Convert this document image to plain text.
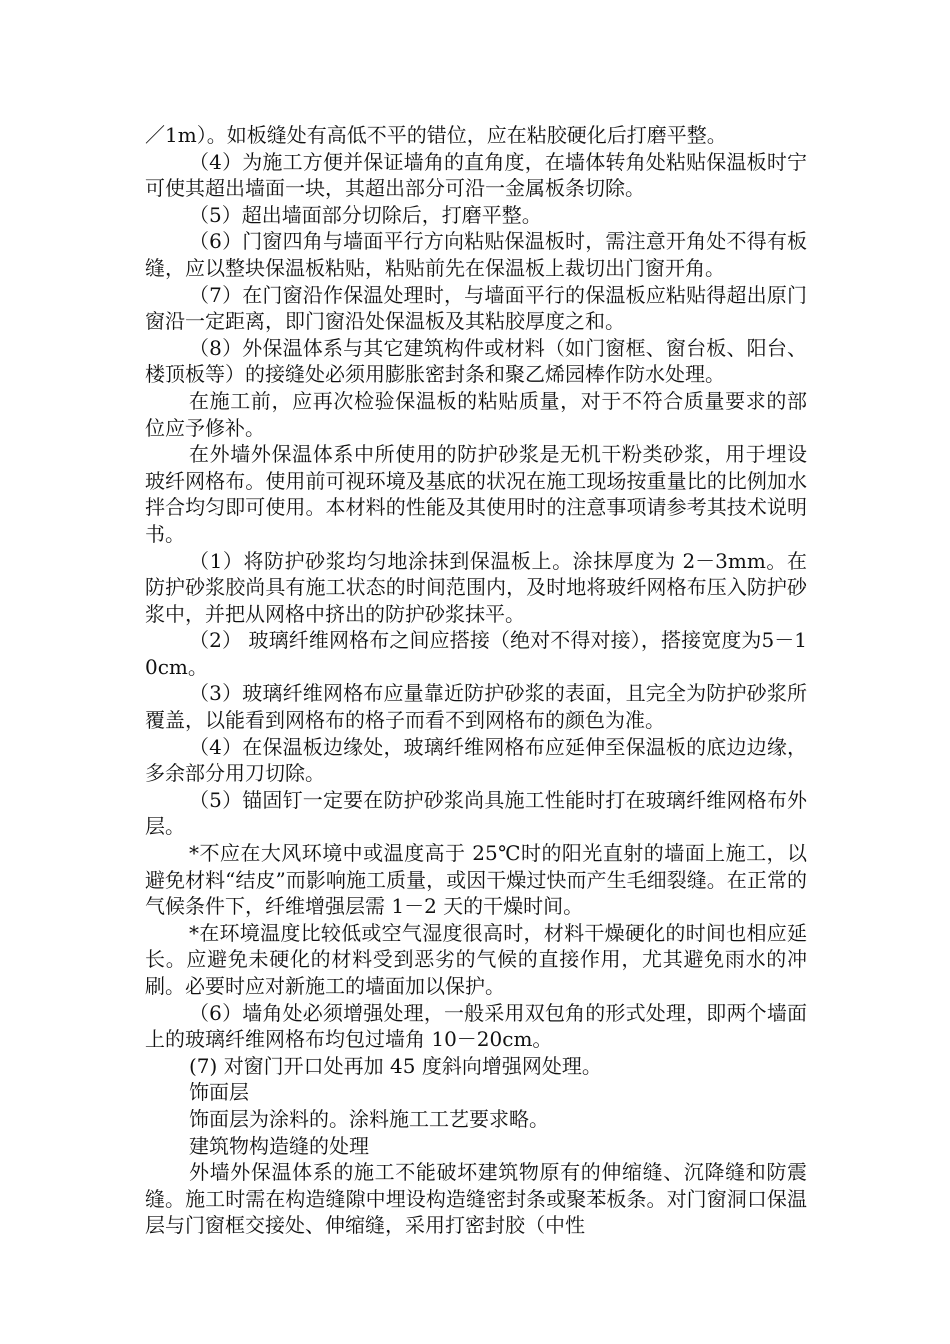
／1m）。如板缝处有高低不平的错位，应在粘胶硬化后打磨平整。

（4）为施工方便并保证墙角的直角度，在墙体转角处粘贴保温板时宁可使其超出墙面一块，其超出部分可沿一金属板条切除。

（5）超出墙面部分切除后，打磨平整。

（6）门窗四角与墙面平行方向粘贴保温板时，需注意开角处不得有板缝，应以整块保温板粘贴，粘贴前先在保温板上裁切出门窗开角。

（7）在门窗沿作保温处理时，与墙面平行的保温板应粘贴得超出原门窗沿一定距离，即门窗沿处保温板及其粘胶厚度之和。

（8）外保温体系与其它建筑构件或材料（如门窗框、窗台板、阳台、楼顶板等）的接缝处必须用膨胀密封条和聚乙烯园棒作防水处理。

在施工前，应再次检验保温板的粘贴质量，对于不符合质量要求的部位应予修补。

在外墙外保温体系中所使用的防护砂浆是无机干粉类砂浆，用于埋设玻纤网格布。使用前可视环境及基底的状况在施工现场按重量比的比例加水拌合均匀即可使用。本材料的性能及其使用时的注意事项请参考其技术说明书。

（1）将防护砂浆均匀地涂抹到保温板上。涂抹厚度为 2－3mm。在防护砂浆胶尚具有施工状态的时间范围内，及时地将玻纤网格布压入防护砂浆中，并把从网格中挤出的防护砂浆抹平。

（2） 玻璃纤维网格布之间应搭接（绝对不得对接），搭接宽度为5－10cm。

（3）玻璃纤维网格布应量靠近防护砂浆的表面，且完全为防护砂浆所覆盖，以能看到网格布的格子而看不到网格布的颜色为准。

（4）在保温板边缘处，玻璃纤维网格布应延伸至保温板的底边边缘，多余部分用刀切除。

（5）锚固钉一定要在防护砂浆尚具施工性能时打在玻璃纤维网格布外层。

*不应在大风环境中或温度高于 25℃时的阳光直射的墙面上施工，以避免材料“结皮”而影响施工质量，或因干燥过快而产生毛细裂缝。在正常的气候条件下，纤维增强层需 1－2 天的干燥时间。

*在环境温度比较低或空气湿度很高时，材料干燥硬化的时间也相应延长。应避免未硬化的材料受到恶劣的气候的直接作用，尤其避免雨水的冲刷。必要时应对新施工的墙面加以保护。

（6）墙角处必须增强处理，一般采用双包角的形式处理，即两个墙面上的玻璃纤维网格布均包过墙角 10－20cm。

(7) 对窗门开口处再加 45 度斜向增强网处理。

饰面层

饰面层为涂料的。涂料施工工艺要求略。

建筑物构造缝的处理

外墙外保温体系的施工不能破坏建筑物原有的伸缩缝、沉降缝和防震缝。施工时需在构造缝隙中埋设构造缝密封条或聚苯板条。对门窗洞口保温层与门窗框交接处、伸缩缝，采用打密封胶（中性
